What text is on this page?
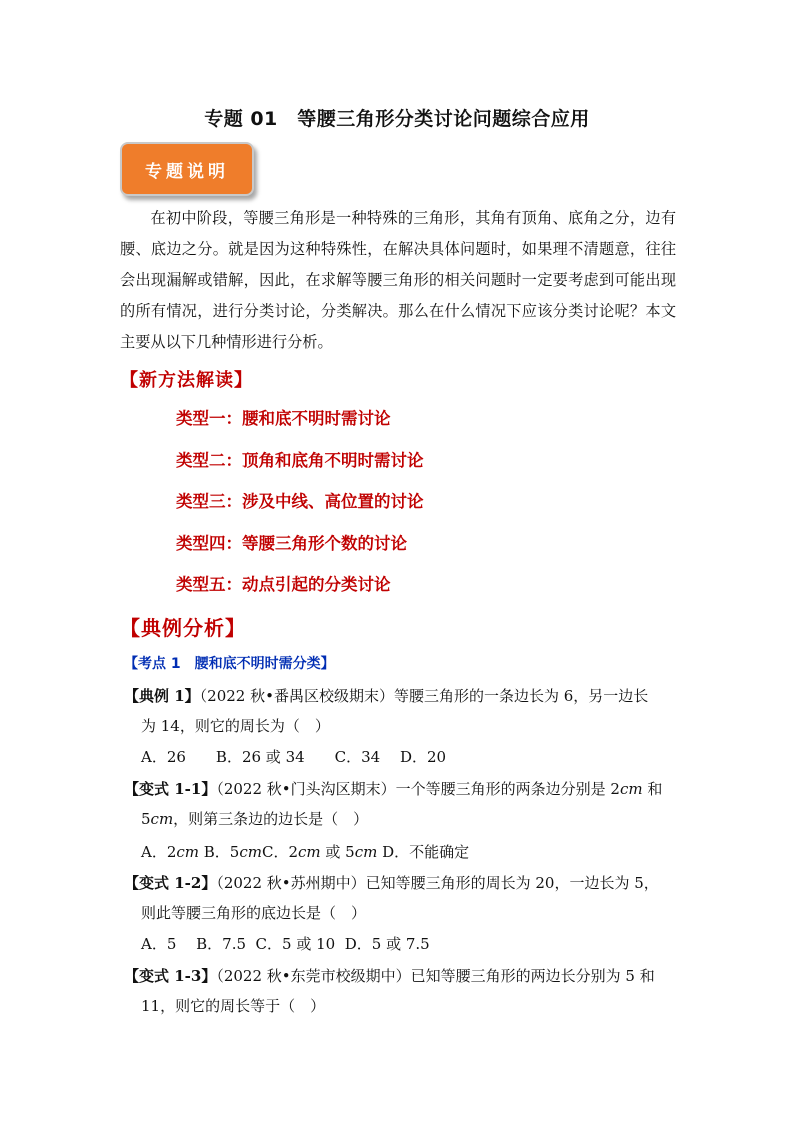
专题 01　等腰三角形分类讨论问题综合应用
专题说明
在初中阶段，等腰三角形是一种特殊的三角形，其角有顶角、底角之分，边有腰、底边之分。就是因为这种特殊性，在解决具体问题时，如果理不清题意，往往会出现漏解或错解，因此，在求解等腰三角形的相关问题时一定要考虑到可能出现的所有情况，进行分类讨论，分类解决。那么在什么情况下应该分类讨论呢？本文主要从以下几种情形进行分析。
【新方法解读】
类型一：腰和底不明时需讨论
类型二：顶角和底角不明时需讨论
类型三：涉及中线、高位置的讨论
类型四：等腰三角形个数的讨论
类型五：动点引起的分类讨论
【典例分析】
【考点 1　腰和底不明时需分类】
【典例 1】（2022 秋•番禺区校级期末）等腰三角形的一条边长为 6，另一边长
为 14，则它的周长为（　）
A．26　　B．26 或 34　　C．34　 D．20
【变式 1-1】（2022 秋•门头沟区期末）一个等腰三角形的两条边分别是 2cm 和
5cm，则第三条边的边长是（　）
A．2cm B．5cmC．2cm 或 5cm D．不能确定
【变式 1-2】（2022 秋•苏州期中）已知等腰三角形的周长为 20，一边长为 5，
则此等腰三角形的底边长是（　）
A．5　 B．7.5  C．5 或 10  D．5 或 7.5
【变式 1-3】（2022 秋•东莞市校级期中）已知等腰三角形的两边长分别为 5 和
11，则它的周长等于（　）
